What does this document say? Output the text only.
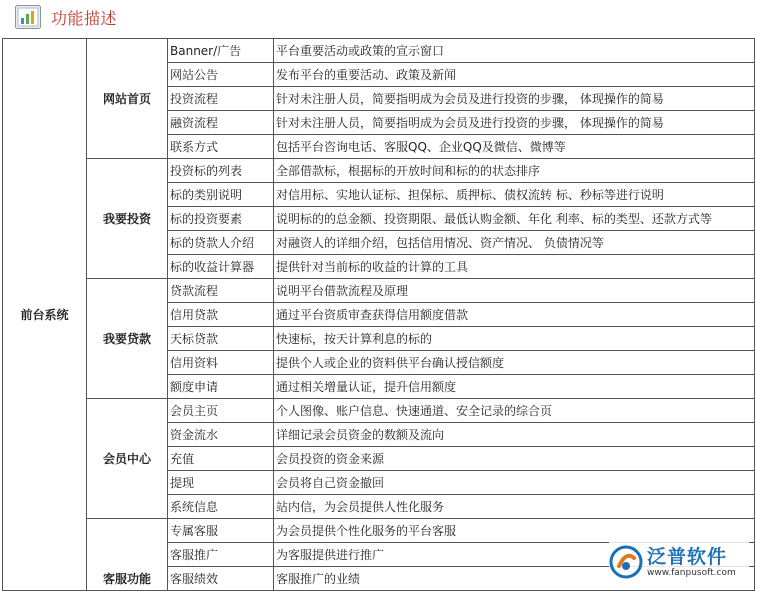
功能描述
前台系统	网站首页	Banner/广告	平台重要活动或政策的宣示窗口
		网站公告	发布平台的重要活动、政策及新闻
		投资流程	针对未注册人员，简要指明成为会员及进行投资的步骤， 体现操作的简易
		融资流程	针对未注册人员，简要指明成为会员及进行投资的步骤， 体现操作的简易
		联系方式	包括平台咨询电话、客服QQ、企业QQ及微信、微博等
	我要投资	投资标的列表	全部借款标，根据标的开放时间和标的的状态排序
		标的类别说明	对信用标、实地认证标、担保标、质押标、债权流转 标、秒标等进行说明
		标的投资要素	说明标的的总金额、投资期限、最低认购金额、年化 利率、标的类型、还款方式等
		标的贷款人介绍	对融资人的详细介绍，包括信用情况、资产情况、 负债情况等
		标的收益计算器	提供针对当前标的收益的计算的工具
	我要贷款	贷款流程	说明平台借款流程及原理
		信用贷款	通过平台资质审查获得信用额度借款
		天标贷款	快速标，按天计算利息的标的
		信用资料	提供个人或企业的资料供平台确认授信额度
		额度申请	通过相关增量认证，提升信用额度
	会员中心	会员主页	个人图像、账户信息、快速通道、安全记录的综合页
		资金流水	详细记录会员资金的数额及流向
		充值	会员投资的资金来源
		提现	会员将自己资金撤回
		系统信息	站内信，为会员提供人性化服务
	客服功能	专属客服	为会员提供个性化服务的平台客服
		客服推广	为客服提供进行推广
		客服绩效	客服推广的业绩
泛普软件
www.fanpusoft.com
